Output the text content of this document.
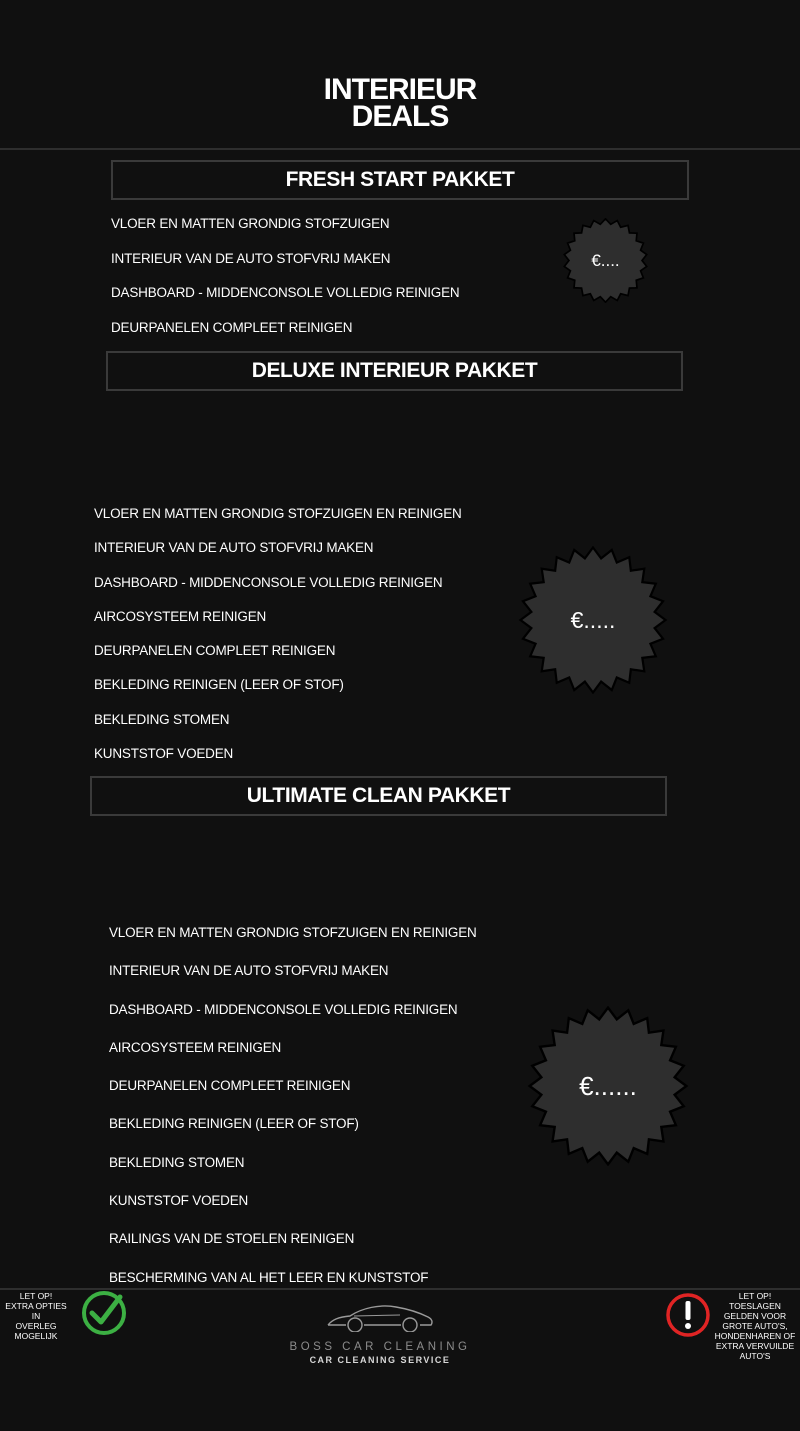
INTERIEUR
DEALS
FRESH START PAKKET
VLOER EN MATTEN GRONDIG STOFZUIGEN
INTERIEUR VAN DE AUTO STOFVRIJ MAKEN
DASHBOARD - MIDDENCONSOLE VOLLEDIG REINIGEN
DEURPANELEN COMPLEET REINIGEN
€....
DELUXE INTERIEUR PAKKET
VLOER EN MATTEN GRONDIG STOFZUIGEN EN REINIGEN
INTERIEUR VAN DE AUTO STOFVRIJ MAKEN
DASHBOARD - MIDDENCONSOLE VOLLEDIG REINIGEN
AIRCOSYSTEEM REINIGEN
DEURPANELEN COMPLEET REINIGEN
BEKLEDING REINIGEN (LEER OF STOF)
BEKLEDING STOMEN
KUNSTSTOF VOEDEN
€.....
ULTIMATE CLEAN PAKKET
VLOER EN MATTEN GRONDIG STOFZUIGEN EN REINIGEN
INTERIEUR VAN DE AUTO STOFVRIJ MAKEN
DASHBOARD - MIDDENCONSOLE VOLLEDIG REINIGEN
AIRCOSYSTEEM REINIGEN
DEURPANELEN COMPLEET REINIGEN
BEKLEDING REINIGEN (LEER OF STOF)
BEKLEDING STOMEN
KUNSTSTOF VOEDEN
RAILINGS VAN DE STOELEN REINIGEN
BESCHERMING VAN AL HET LEER EN KUNSTSTOF
€......
LET OP!
EXTRA OPTIES IN
OVERLEG
MOGELIJK
BOSS CAR CLEANING
CAR CLEANING SERVICE
LET OP!
TOESLAGEN
GELDEN VOOR
GROTE AUTO'S,
HONDENHAREN OF
EXTRA VERVUILDE
AUTO'S
